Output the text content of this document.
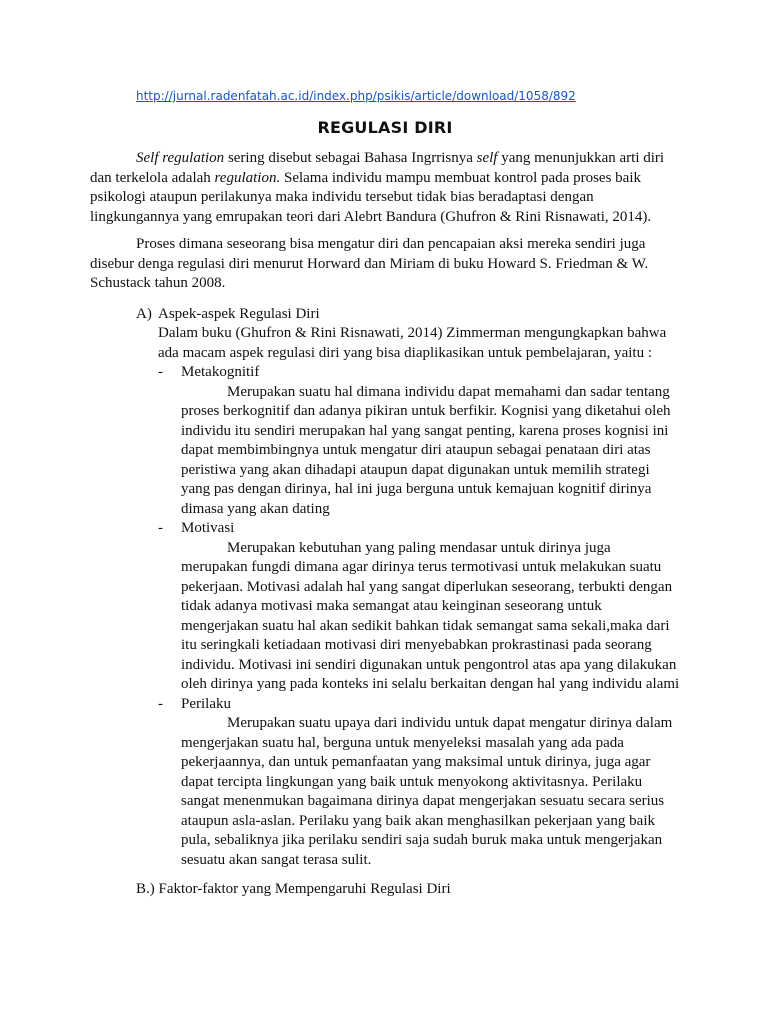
http://jurnal.radenfatah.ac.id/index.php/psikis/article/download/1058/892
REGULASI DIRI
Self regulation sering disebut sebagai Bahasa Ingrrisnya self yang menunjukkan arti diri dan terkelola adalah regulation. Selama individu mampu membuat kontrol pada proses baik psikologi ataupun perilakunya maka individu tersebut tidak bias beradaptasi dengan lingkungannya yang emrupakan teori dari Alebrt Bandura (Ghufron & Rini Risnawati, 2014).
Proses dimana seseorang bisa mengatur diri dan pencapaian aksi mereka sendiri juga disebur denga regulasi diri menurut Horward dan Miriam di buku Howard S. Friedman & W. Schustack tahun 2008.
A) Aspek-aspek Regulasi Diri
Dalam buku (Ghufron & Rini Risnawati, 2014) Zimmerman mengungkapkan bahwa ada macam aspek regulasi diri yang bisa diaplikasikan untuk pembelajaran, yaitu :
-	Metakognitif
Merupakan suatu hal dimana individu dapat memahami dan sadar tentang proses berkognitif dan adanya pikiran untuk berfikir. Kognisi yang diketahui oleh individu itu sendiri merupakan hal yang sangat penting, karena proses kognisi ini dapat membimbingnya untuk mengatur diri ataupun sebagai penataan diri atas peristiwa yang akan dihadapi ataupun dapat digunakan untuk memilih strategi yang pas dengan dirinya, hal ini juga berguna untuk kemajuan kognitif dirinya dimasa yang akan dating
-	Motivasi
Merupakan kebutuhan yang paling mendasar untuk dirinya juga merupakan fungdi dimana agar dirinya terus termotivasi untuk melakukan suatu pekerjaan. Motivasi adalah hal yang sangat diperlukan seseorang, terbukti dengan tidak adanya motivasi maka semangat atau keinginan seseorang untuk mengerjakan suatu hal akan sedikit bahkan tidak semangat sama sekali,maka dari itu seringkali ketiadaan motivasi diri menyebabkan prokrastinasi pada seorang individu. Motivasi ini sendiri digunakan untuk pengontrol atas apa yang dilakukan oleh dirinya yang pada konteks ini selalu berkaitan dengan hal yang individu alami
-	Perilaku
Merupakan suatu upaya dari individu untuk dapat mengatur dirinya dalam mengerjakan suatu hal, berguna untuk menyeleksi masalah yang ada pada pekerjaannya, dan untuk pemanfaatan yang maksimal untuk dirinya, juga agar dapat tercipta lingkungan yang baik untuk menyokong aktivitasnya. Perilaku sangat menenmukan bagaimana dirinya dapat mengerjakan sesuatu secara serius ataupun asla-aslan. Perilaku yang baik akan menghasilkan pekerjaan yang baik pula, sebaliknya jika perilaku sendiri saja sudah buruk maka untuk mengerjakan sesuatu akan sangat terasa sulit.
B.) Faktor-faktor yang Mempengaruhi Regulasi Diri
